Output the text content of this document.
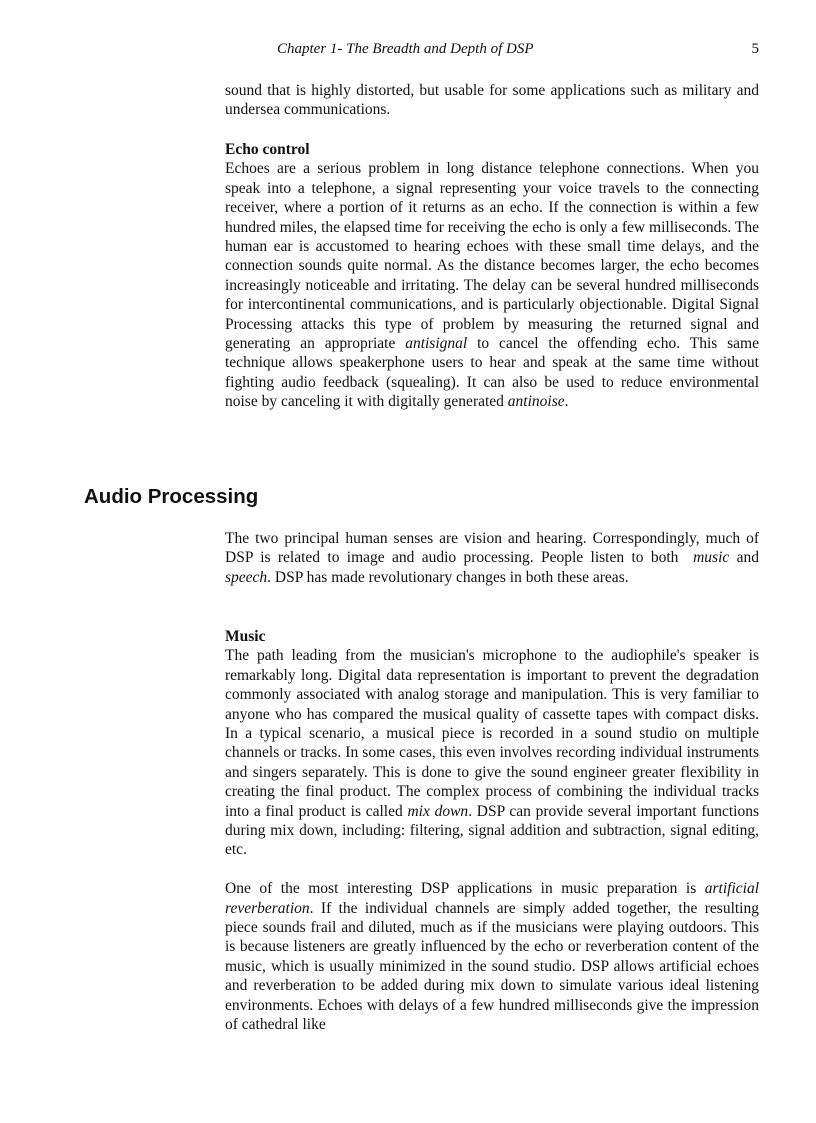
Chapter 1- The Breadth and Depth of DSP	5

sound that is highly distorted, but usable for some applications such as military and undersea communications.

Echo control

Echoes are a serious problem in long distance telephone connections. When you speak into a telephone, a signal representing your voice travels to the connecting receiver, where a portion of it returns as an echo. If the connection is within a few hundred miles, the elapsed time for receiving the echo is only a few milliseconds. The human ear is accustomed to hearing echoes with these small time delays, and the connection sounds quite normal. As the distance becomes larger, the echo becomes increasingly noticeable and irritating. The delay can be several hundred milliseconds for intercontinental communications, and is particularly objectionable. Digital Signal Processing attacks this type of problem by measuring the returned signal and generating an appropriate antisignal to cancel the offending echo. This same technique allows speakerphone users to hear and speak at the same time without fighting audio feedback (squealing). It can also be used to reduce environmental noise by canceling it with digitally generated antinoise.

Audio Processing

The two principal human senses are vision and hearing. Correspondingly, much of DSP is related to image and audio processing. People listen to both music and speech. DSP has made revolutionary changes in both these areas.

Music

The path leading from the musician's microphone to the audiophile's speaker is remarkably long. Digital data representation is important to prevent the degradation commonly associated with analog storage and manipulation. This is very familiar to anyone who has compared the musical quality of cassette tapes with compact disks. In a typical scenario, a musical piece is recorded in a sound studio on multiple channels or tracks. In some cases, this even involves recording individual instruments and singers separately. This is done to give the sound engineer greater flexibility in creating the final product. The complex process of combining the individual tracks into a final product is called mix down. DSP can provide several important functions during mix down, including: filtering, signal addition and subtraction, signal editing, etc.

One of the most interesting DSP applications in music preparation is artificial reverberation. If the individual channels are simply added together, the resulting piece sounds frail and diluted, much as if the musicians were playing outdoors. This is because listeners are greatly influenced by the echo or reverberation content of the music, which is usually minimized in the sound studio. DSP allows artificial echoes and reverberation to be added during mix down to simulate various ideal listening environments. Echoes with delays of a few hundred milliseconds give the impression of cathedral like
